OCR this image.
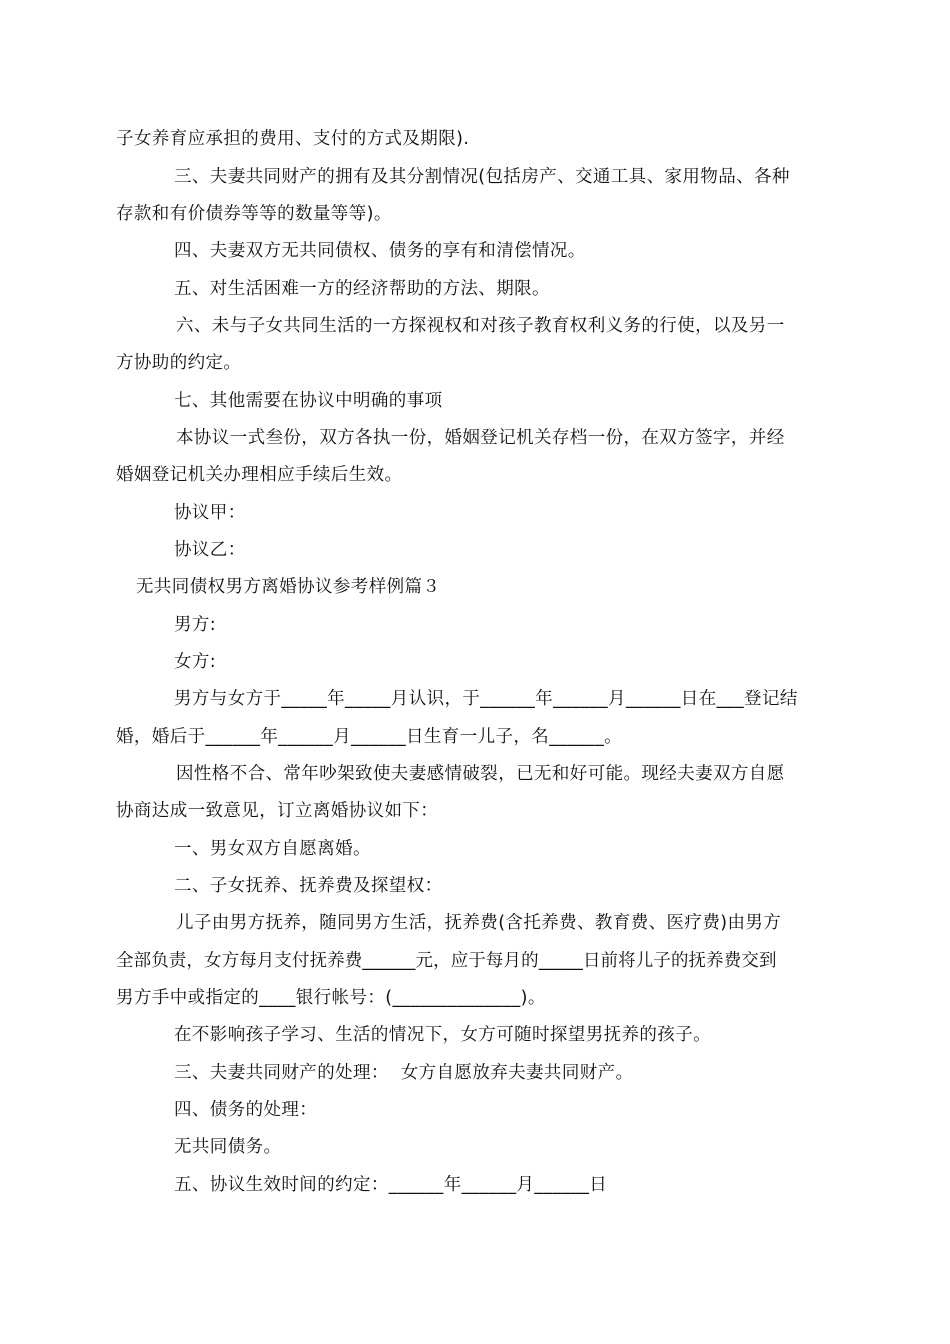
子女养育应承担的费用、支付的方式及期限).
三、夫妻共同财产的拥有及其分割情况(包括房产、交通工具、家用物品、各种
存款和有价债券等等的数量等等)。
四、夫妻双方无共同债权、债务的享有和清偿情况。
五、对生活困难一方的经济帮助的方法、期限。
六、未与子女共同生活的一方探视权和对孩子教育权利义务的行使，以及另一
方协助的约定。
七、其他需要在协议中明确的事项
本协议一式叁份，双方各执一份，婚姻登记机关存档一份，在双方签字，并经
婚姻登记机关办理相应手续后生效。
协议甲：
协议乙：
无共同债权男方离婚协议参考样例篇３
男方:
女方:
男方与女方于_____年_____月认识，于______年______月______日在___登记结
婚，婚后于______年______月______日生育一儿子，名______。
因性格不合、常年吵架致使夫妻感情破裂，已无和好可能。现经夫妻双方自愿
协商达成一致意见，订立离婚协议如下：
一、男女双方自愿离婚。
二、子女抚养、抚养费及探望权：
儿子由男方抚养，随同男方生活，抚养费(含托养费、教育费、医疗费)由男方
全部负责，女方每月支付抚养费______元，应于每月的_____日前将儿子的抚养费交到
男方手中或指定的____银行帐号：(______________)。
在不影响孩子学习、生活的情况下，女方可随时探望男抚养的孩子。
三、夫妻共同财产的处理：  女方自愿放弃夫妻共同财产。
四、债务的处理：
无共同债务。
五、协议生效时间的约定：______年______月______日
